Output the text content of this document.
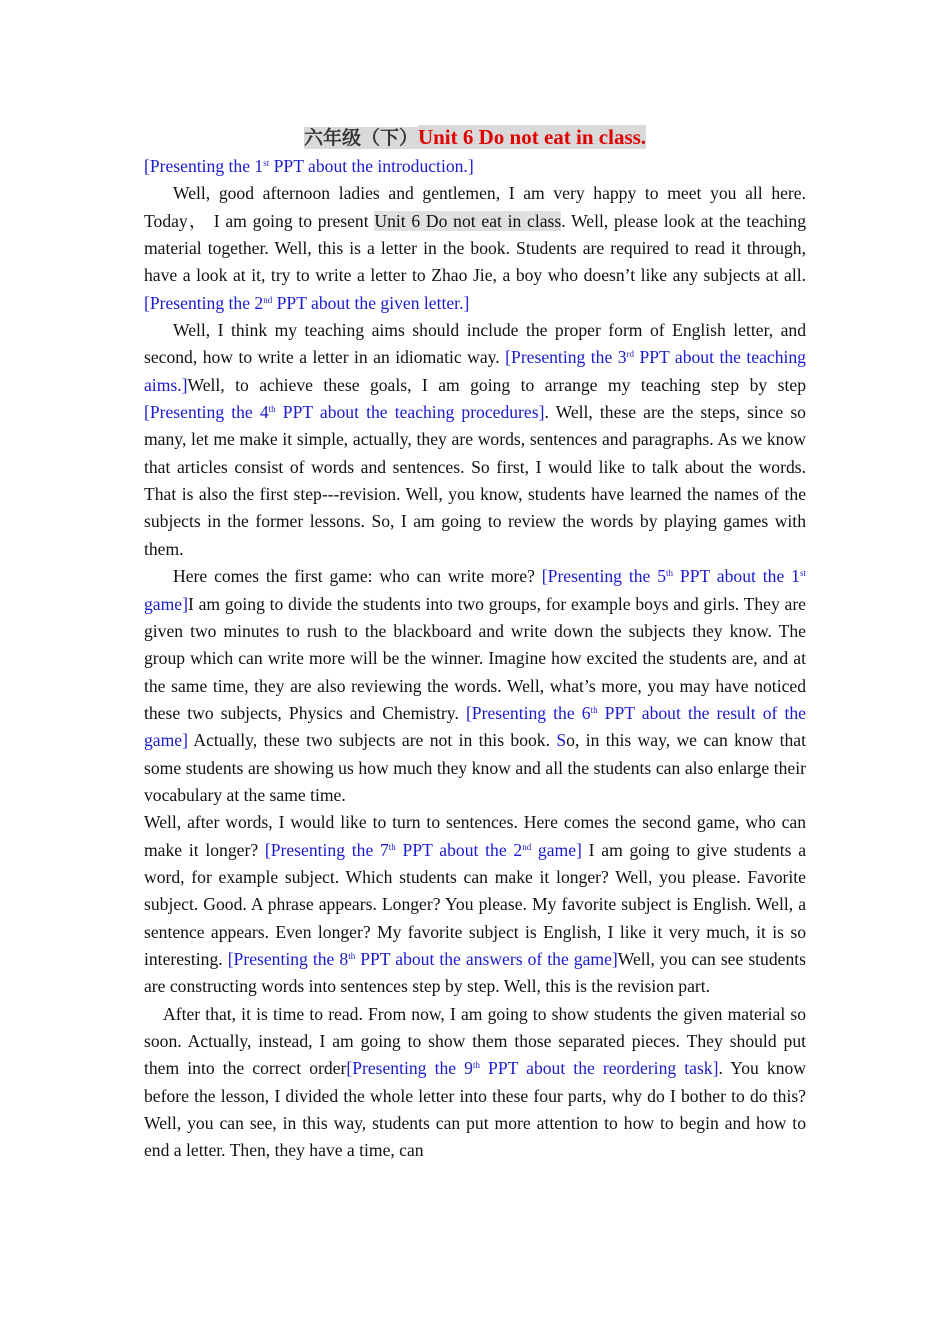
六年级（下）Unit 6 Do not eat in class.

[Presenting the 1st PPT about the introduction.]

Well, good afternoon ladies and gentlemen, I am very happy to meet you all here. Today， I am going to present Unit 6 Do not eat in class. Well, please look at the teaching material together. Well, this is a letter in the book. Students are required to read it through, have a look at it, try to write a letter to Zhao Jie, a boy who doesn’t like any subjects at all. [Presenting the 2nd PPT about the given letter.]

Well, I think my teaching aims should include the proper form of English letter, and second, how to write a letter in an idiomatic way. [Presenting the 3rd PPT about the teaching aims.]Well, to achieve these goals, I am going to arrange my teaching step by step [Presenting the 4th PPT about the teaching procedures]. Well, these are the steps, since so many, let me make it simple, actually, they are words, sentences and paragraphs. As we know that articles consist of words and sentences. So first, I would like to talk about the words. That is also the first step---revision. Well, you know, students have learned the names of the subjects in the former lessons. So, I am going to review the words by playing games with them.

Here comes the first game: who can write more? [Presenting the 5th PPT about the 1st game]I am going to divide the students into two groups, for example boys and girls. They are given two minutes to rush to the blackboard and write down the subjects they know. The group which can write more will be the winner. Imagine how excited the students are, and at the same time, they are also reviewing the words. Well, what’s more, you may have noticed these two subjects, Physics and Chemistry. [Presenting the 6th PPT about the result of the game] Actually, these two subjects are not in this book. So, in this way, we can know that some students are showing us how much they know and all the students can also enlarge their vocabulary at the same time.

Well, after words, I would like to turn to sentences. Here comes the second game, who can make it longer? [Presenting the 7th PPT about the 2nd game] I am going to give students a word, for example subject. Which students can make it longer? Well, you please. Favorite subject. Good. A phrase appears. Longer? You please. My favorite subject is English. Well, a sentence appears. Even longer? My favorite subject is English, I like it very much, it is so interesting. [Presenting the 8th PPT about the answers of the game]Well, you can see students are constructing words into sentences step by step. Well, this is the revision part.

After that, it is time to read. From now, I am going to show students the given material so soon. Actually, instead, I am going to show them those separated pieces. They should put them into the correct order[Presenting the 9th PPT about the reordering task]. You know before the lesson, I divided the whole letter into these four parts, why do I bother to do this? Well, you can see, in this way, students can put more attention to how to begin and how to end a letter. Then, they have a time, can
